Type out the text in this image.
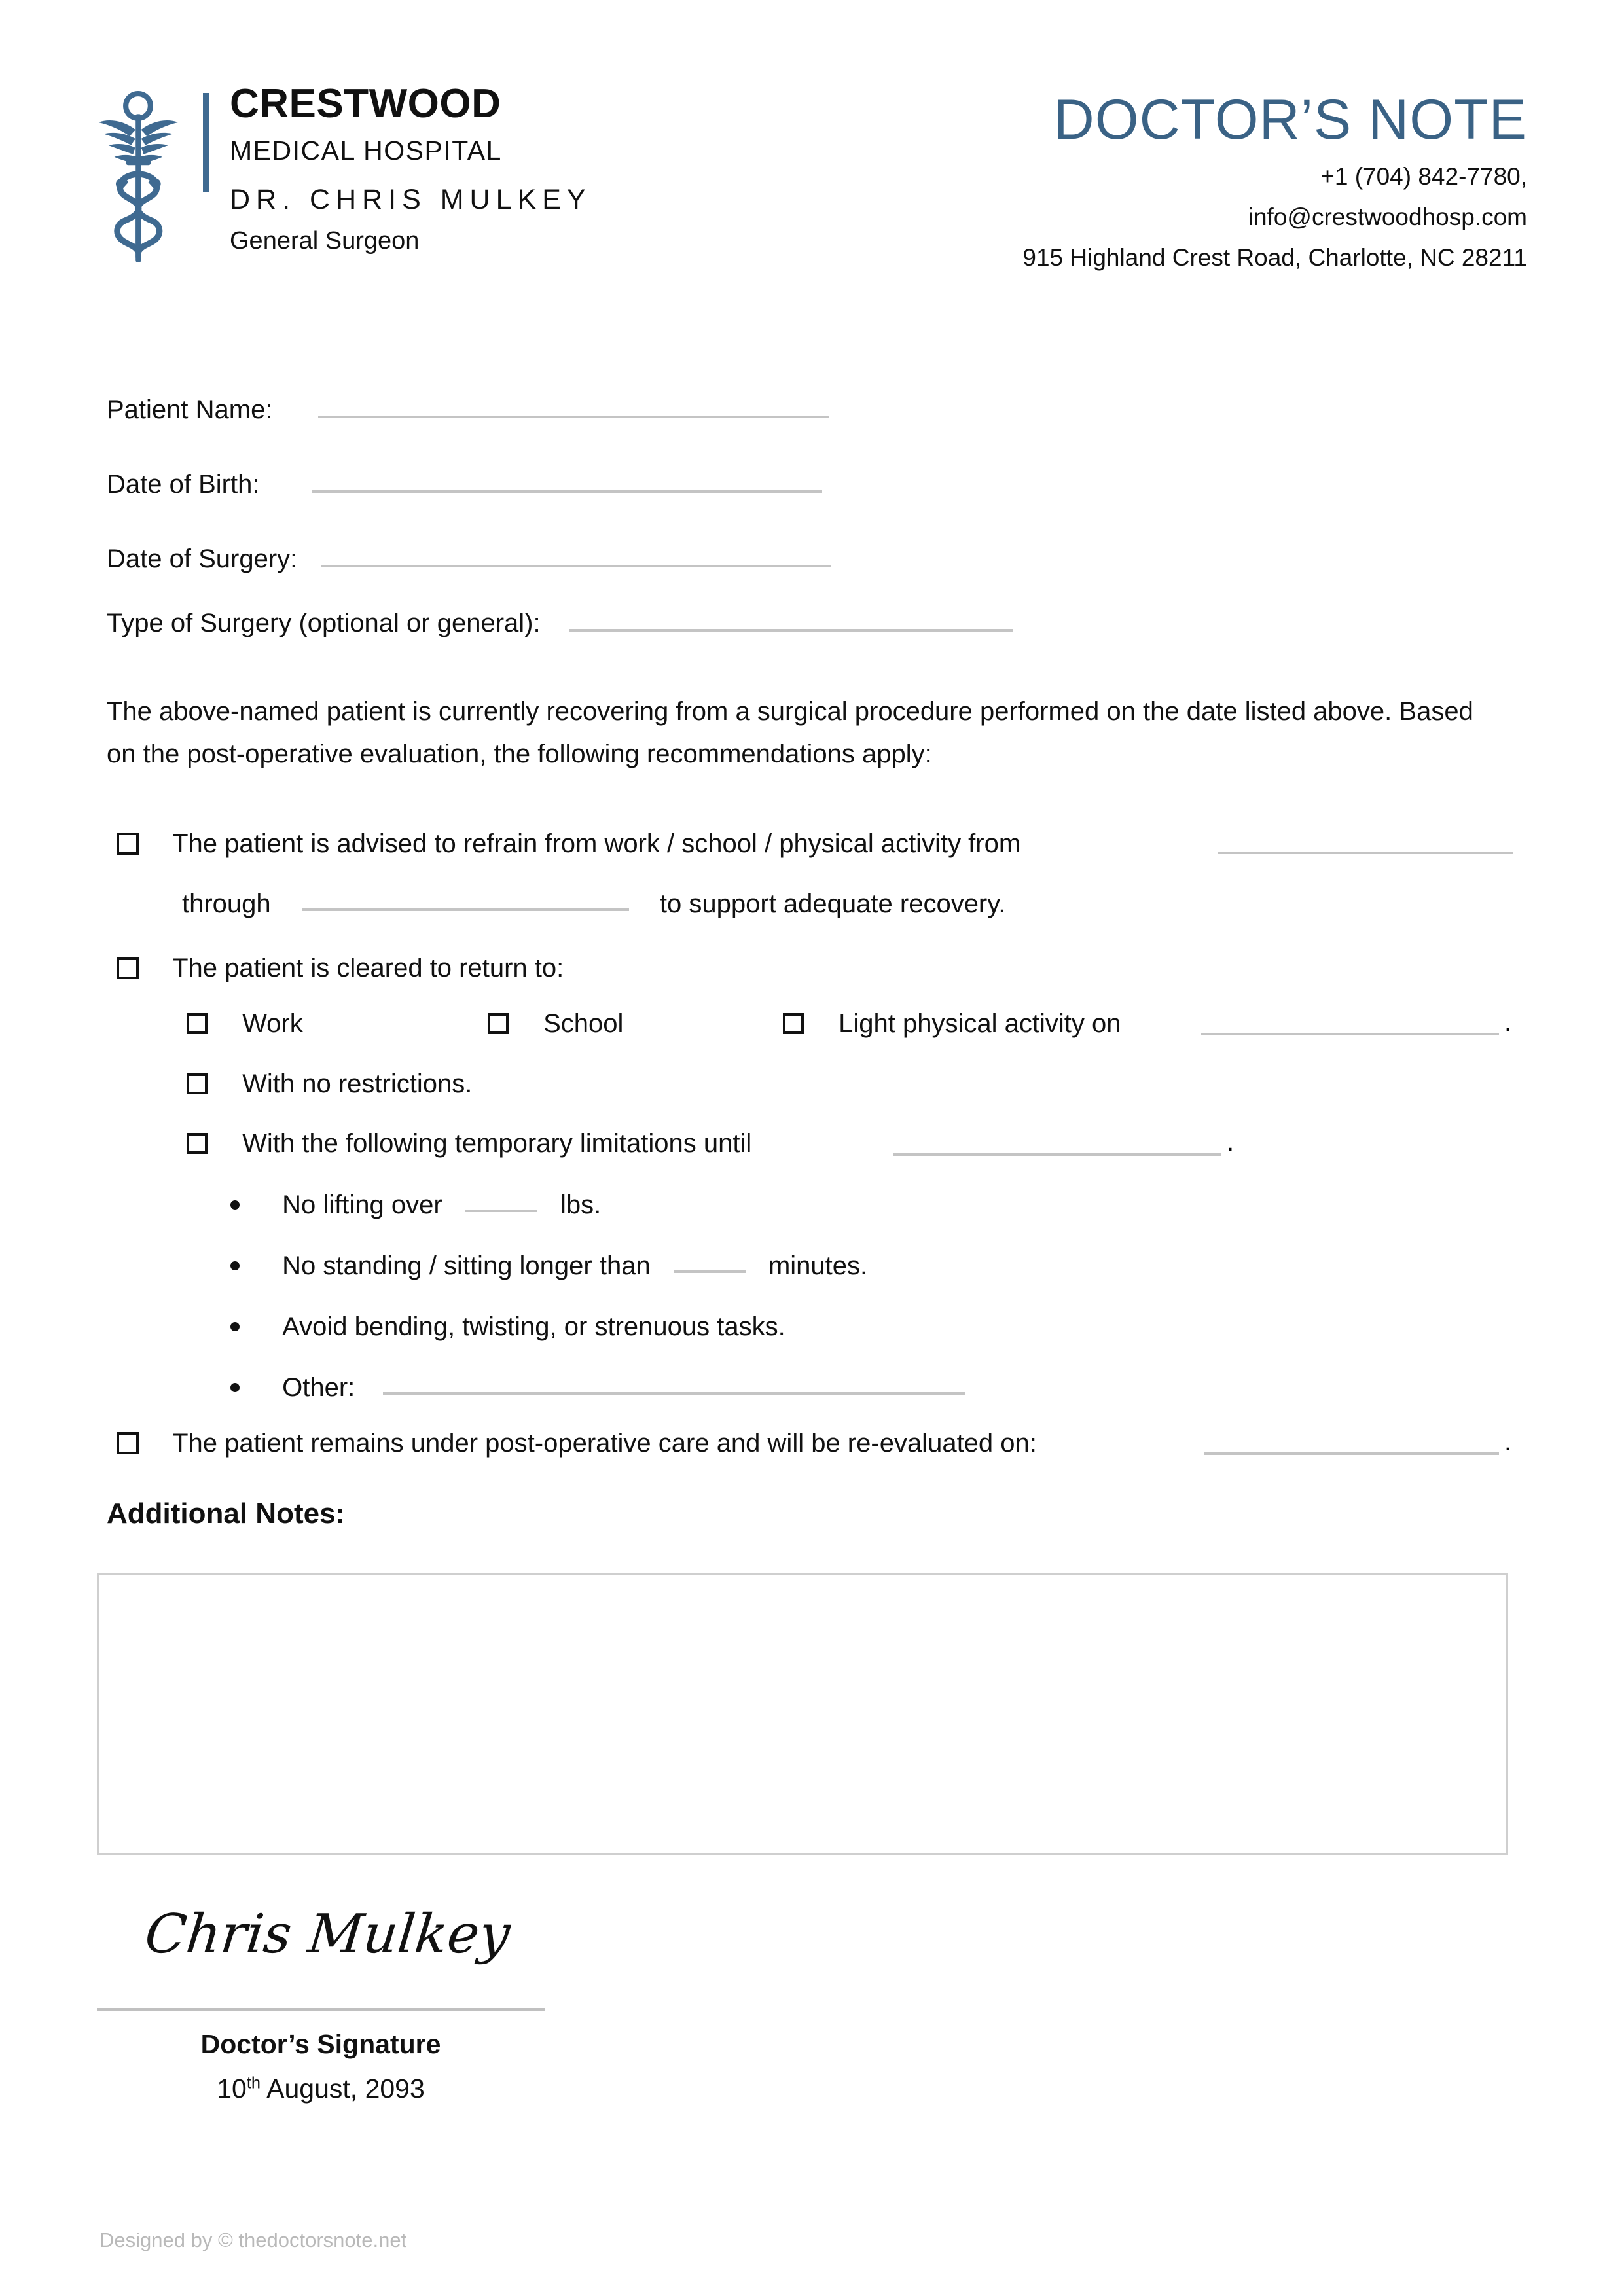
CRESTWOOD
MEDICAL HOSPITAL
DR. CHRIS MULKEY
General Surgeon
DOCTOR’S NOTE
+1 (704) 842-7780,
info@crestwoodhosp.com
915 Highland Crest Road, Charlotte, NC 28211
Patient Name:
Date of Birth:
Date of Surgery:
Type of Surgery (optional or general):
The above-named patient is currently recovering from a surgical procedure performed on the date listed above. Based on the post-operative evaluation, the following recommendations apply:
The patient is advised to refrain from work / school / physical activity from
through	to support adequate recovery.
The patient is cleared to return to:
Work	School	Light physical activity on	.
With no restrictions.
With the following temporary limitations until	.
No lifting over	lbs.
No standing / sitting longer than	minutes.
Avoid bending, twisting, or strenuous tasks.
Other:
The patient remains under post-operative care and will be re-evaluated on:	.
Additional Notes:
Chris Mulkey
Doctor’s Signature
10th August, 2093
Designed by © thedoctorsnote.net
